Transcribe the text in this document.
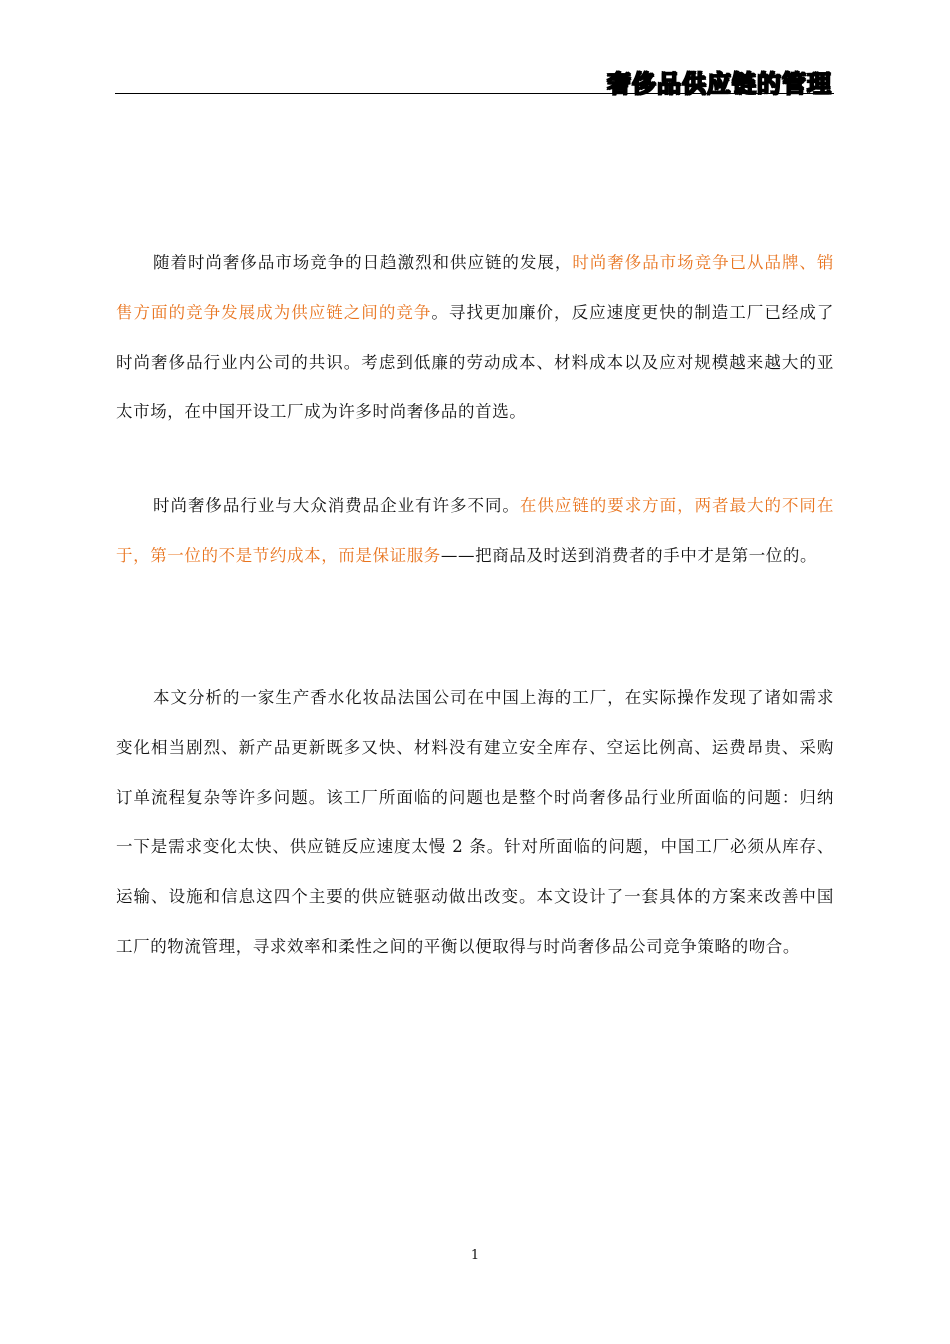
奢侈品供应链的管理

随着时尚奢侈品市场竞争的日趋激烈和供应链的发展，时尚奢侈品市场竞争已从品牌、销售方面的竞争发展成为供应链之间的竞争。寻找更加廉价，反应速度更快的制造工厂已经成了时尚奢侈品行业内公司的共识。考虑到低廉的劳动成本、材料成本以及应对规模越来越大的亚太市场，在中国开设工厂成为许多时尚奢侈品的首选。

时尚奢侈品行业与大众消费品企业有许多不同。在供应链的要求方面，两者最大的不同在于，第一位的不是节约成本，而是保证服务——把商品及时送到消费者的手中才是第一位的。

本文分析的一家生产香水化妆品法国公司在中国上海的工厂，在实际操作发现了诸如需求变化相当剧烈、新产品更新既多又快、材料没有建立安全库存、空运比例高、运费昂贵、采购订单流程复杂等许多问题。该工厂所面临的问题也是整个时尚奢侈品行业所面临的问题：归纳一下是需求变化太快、供应链反应速度太慢 2 条。针对所面临的问题，中国工厂必须从库存、运输、设施和信息这四个主要的供应链驱动做出改变。本文设计了一套具体的方案来改善中国工厂的物流管理，寻求效率和柔性之间的平衡以便取得与时尚奢侈品公司竞争策略的吻合。

1
